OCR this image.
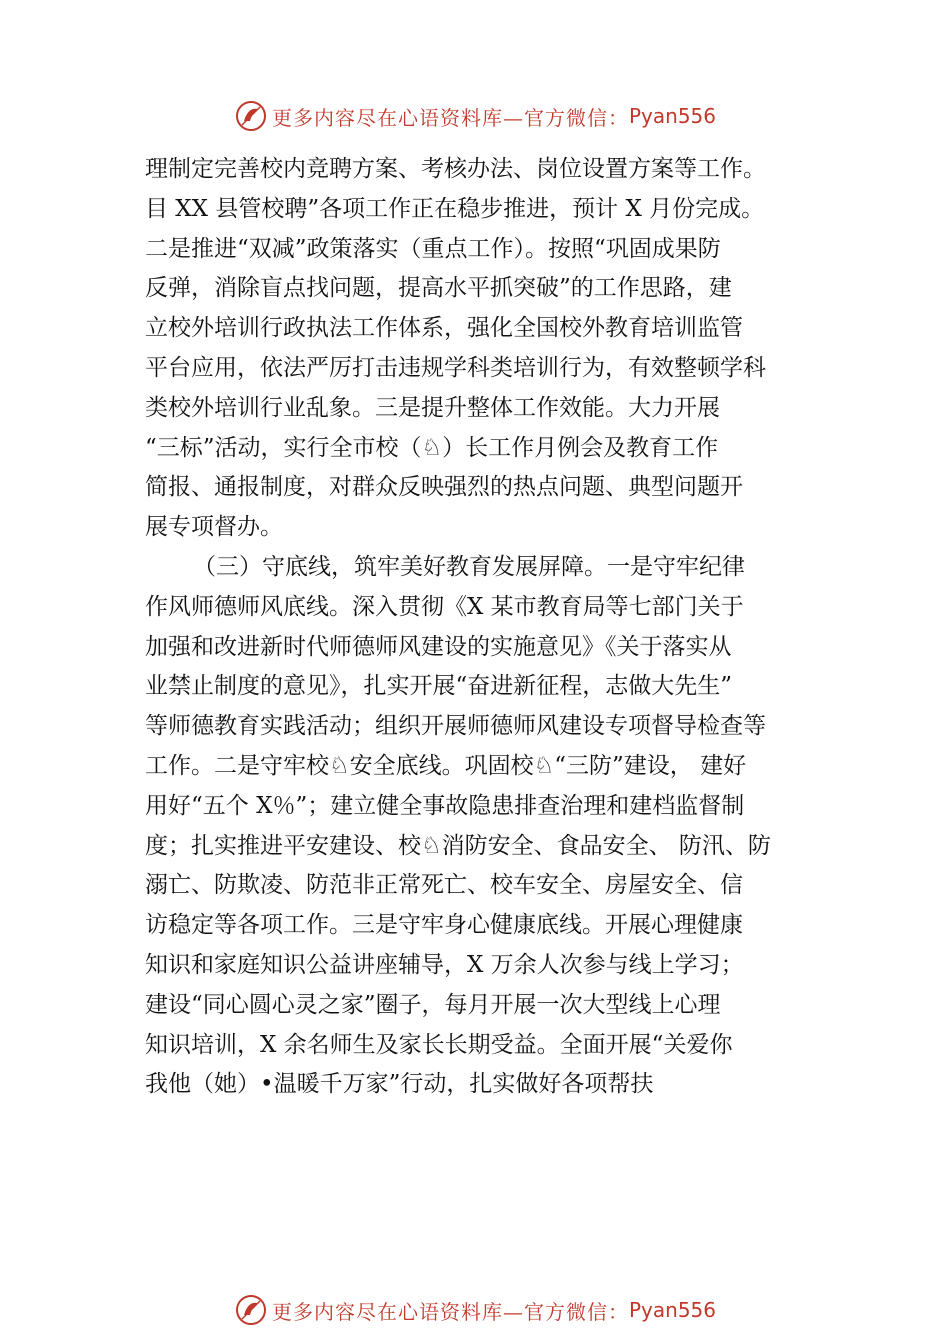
更多内容尽在心语资料库—官方微信： Pyan556
理制定完善校内竞聘方案、考核办法、岗位设置方案等工作。
目 XX 县管校聘”各项工作正在稳步推进，预计 X 月份完成。
二是推进“双减”政策落实（重点工作）。按照“巩固成果防
反弹，消除盲点找问题，提高水平抓突破”的工作思路，建
立校外培训行政执法工作体系，强化全国校外教育培训监管
平台应用，依法严厉打击违规学科类培训行为，有效整顿学科
类校外培训行业乱象。三是提升整体工作效能。大力开展
“三标”活动，实行全市校（♘）长工作月例会及教育工作
简报、通报制度，对群众反映强烈的热点问题、典型问题开
展专项督办。
（三）守底线，筑牢美好教育发展屏障。一是守牢纪律
作风师德师风底线。深入贯彻《X 某市教育局等七部门关于
加强和改进新时代师德师风建设的实施意见》《关于落实从
业禁止制度的意见》，扎实开展“奋进新征程，志做大先生”
等师德教育实践活动；组织开展师德师风建设专项督导检查等
工作。二是守牢校♘安全底线。巩固校♘“三防”建设， 建好
用好“五个 X％”；建立健全事故隐患排查治理和建档监督制
度；扎实推进平安建设、校♘消防安全、食品安全、 防汛、防
溺亡、防欺凌、防范非正常死亡、校车安全、房屋安全、信
访稳定等各项工作。三是守牢身心健康底线。开展心理健康
知识和家庭知识公益讲座辅导，X 万余人次参与线上学习；
建设“同心圆心灵之家”圈子，每月开展一次大型线上心理
知识培训，X 余名师生及家长长期受益。全面开展“关爱你
我他（她）•温暖千万家”行动，扎实做好各项帮扶
更多内容尽在心语资料库—官方微信： Pyan556
